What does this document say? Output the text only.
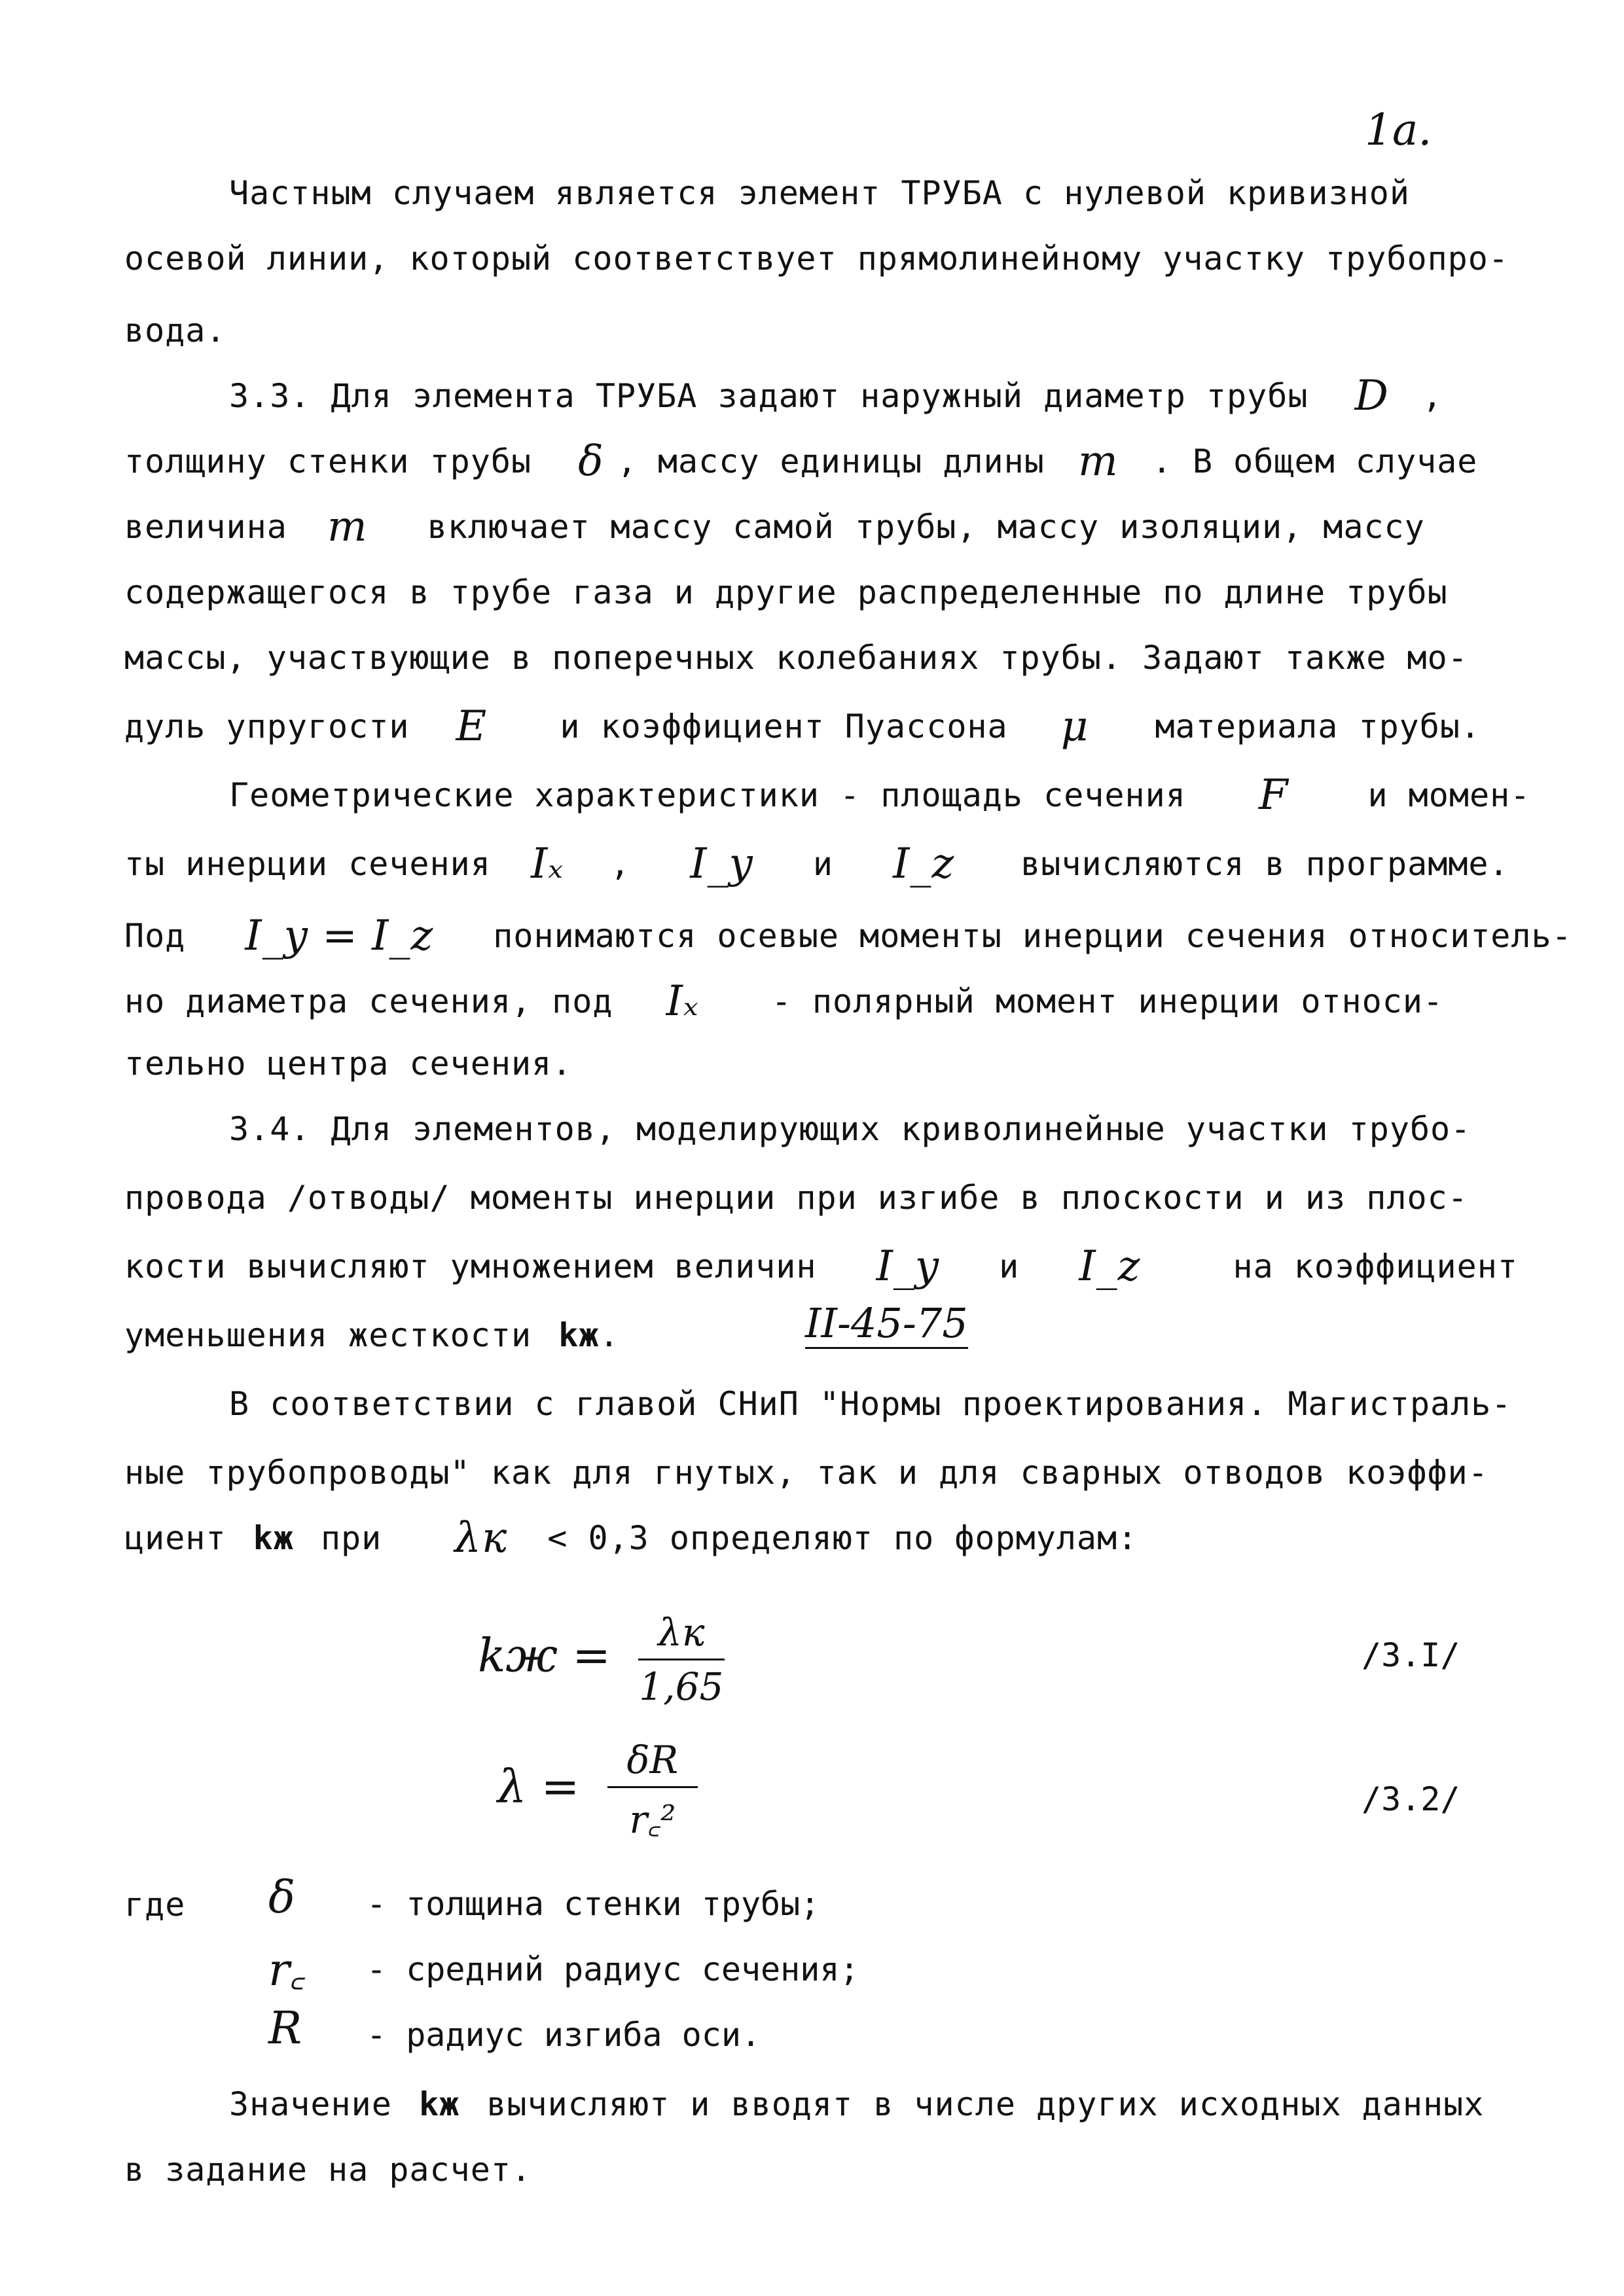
1a.
Частным случаем является элемент ТРУБА с нулевой кривизной
осевой линии, который соответствует прямолинейному участку трубопро-
вода.
3.3. Для элемента ТРУБА задают наружный диаметр трубы D ,
толщину стенки трубы δ , массу единицы длины m . В общем случае
величина m включает массу самой трубы, массу изоляции, массу
содержащегося в трубе газа и другие распределенные по длине трубы
массы, участвующие в поперечных колебаниях трубы. Задают также мо-
дуль упругости E и коэффициент Пуассона μ материала трубы.
Геометрические характеристики - площадь сечения F и момен-
ты инерции сечения Iₓ , I_y и I_z вычисляются в программе.
Под I_y = I_z понимаются осевые моменты инерции сечения относитель-
но диаметра сечения, под Iₓ - полярный момент инерции относи-
тельно центра сечения.
3.4. Для элементов, моделирующих криволинейные участки трубо-
провода /отводы/ моменты инерции при изгибе в плоскости и из плос-
кости вычисляют умножением величин I_y и I_z	на коэффициент
уменьшения жесткости kж.	II-45-75
В соответствии с главой СНиП "Нормы проектирования. Магистраль-
ные трубопроводы" как для гнутых, так и для сварных отводов коэффи-
циент kж при λк < 0,3 определяют по формулам:
kж = $\frac{\lambda к}{1,65}$	/3.I/
$\lambda = \frac{\delta R}{\text{r꜀²}}$	/3.2/
где	δ - толщина стенки трубы;
r꜀ - средний радиус сечения;
R - радиус изгиба оси.
Значение kж вычисляют и вводят в числе других исходных данных
в задание на расчет.
